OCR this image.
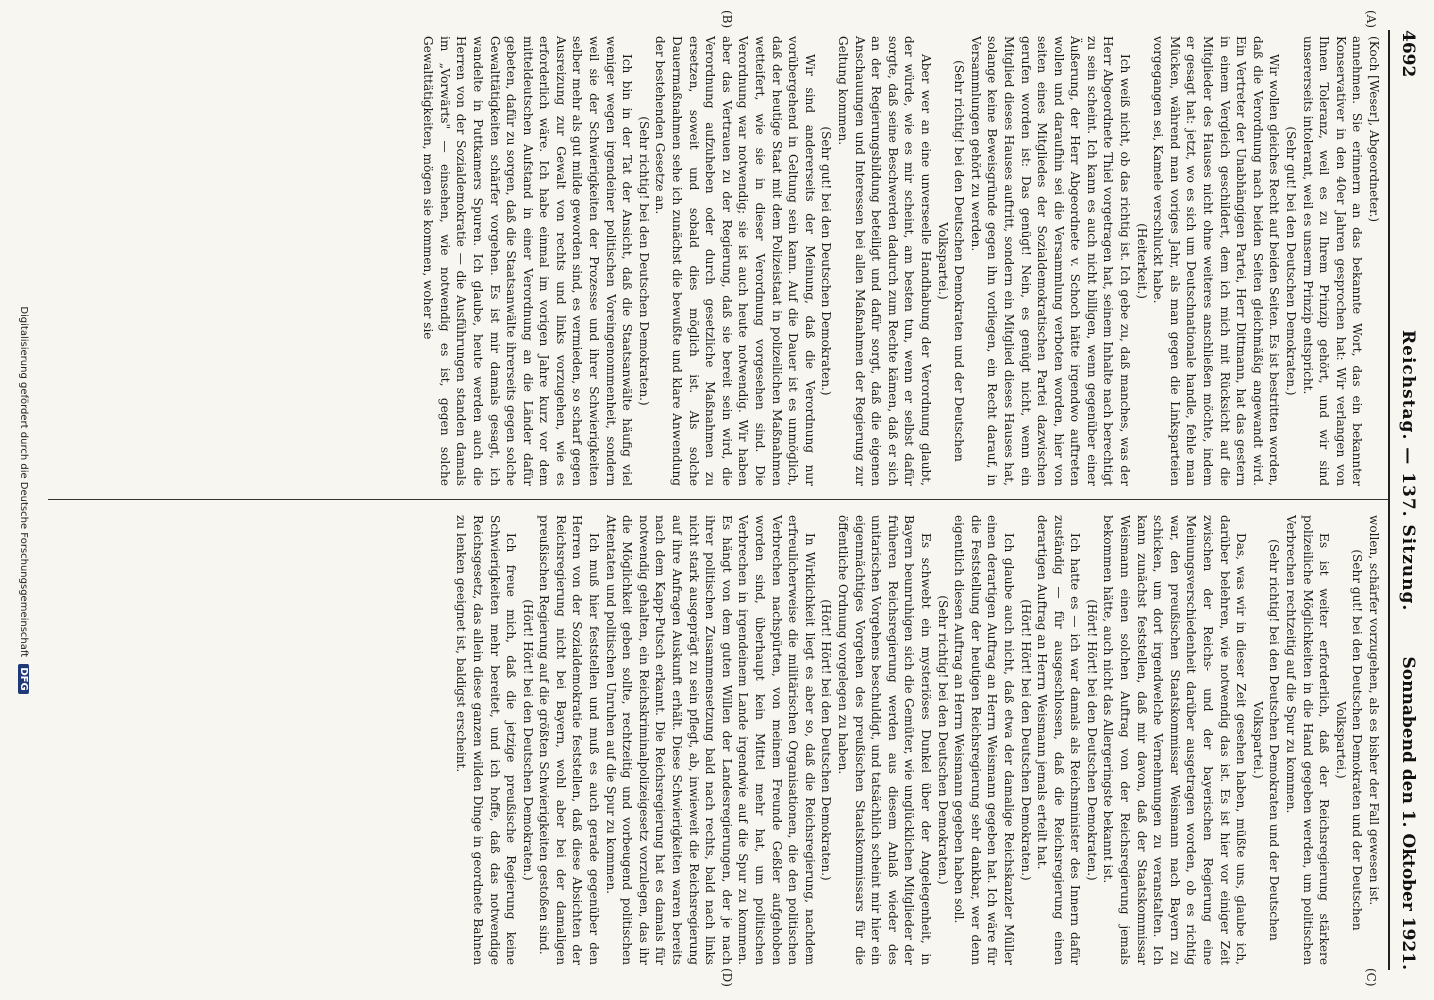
4692
Reichstag. — 137. Sitzung.
Sonnabend den 1. Oktober 1921.
(A)
(B)
(C)
(D)

(Koch [Weser], Abgeordneter.)

annehmen. Sie erinnern an das bekannte Wort, das ein bekannter Konservativer in den 40er Jahren gesprochen hat: Wir verlangen von Ihnen Toleranz, weil es zu Ihrem Prinzip gehört, und wir sind unsererseits intolerant, weil es unserm Prinzip entspricht.

(Sehr gut! bei den Deutschen Demokraten.)

Wir wollen gleiches Recht auf beiden Seiten. Es ist bestritten worden, daß die Verordnung nach beiden Seiten gleichmäßig angewandt wird. Ein Vertreter der Unabhängigen Partei, Herr Dittmann, hat das gestern in einem Vergleich geschildert, dem ich mich mit Rücksicht auf die Mitglieder des Hauses nicht ohne weiteres anschließen möchte, indem er gesagt hat: jetzt, wo es sich um Deutschnationale handle, fehle man Mücken, während man voriges Jahr, als man gegen die Linksparteien vorgegangen sei, Kamele verschluckt habe.

(Heiterkeit.)

Ich weiß nicht, ob das richtig ist. Ich gebe zu, daß manches, was der Herr Abgeordnete Thiel vorgetragen hat, seinem Inhalte nach berechtigt zu sein scheint. Ich kann es auch nicht billigen, wenn gegenüber einer Äußerung, der Herr Abgeordnete v. Schoch hätte irgendwo auftreten wollen und daraufhin sei die Versammlung verboten worden, hier von seiten eines Mitgliedes der Sozialdemokratischen Partei dazwischen gerufen worden ist: Das genügt! Nein, es genügt nicht, wenn ein Mitglied dieses Hauses auftritt, sondern ein Mitglied dieses Hauses hat, solange keine Beweisgründe gegen ihn vorliegen, ein Recht darauf, in Versammlungen gehört zu werden.

(Sehr richtig! bei den Deutschen Demokraten und der Deutschen Volkspartei.)

Aber wer an eine unverseelle Handhabung der Verordnung glaubt, der würde, wie es mir scheint, am besten tun, wenn er selbst dafür sorgte, daß seine Beschwerden dadurch zum Rechte kämen, daß er sich an der Regierungsbildung beteiligt und dafür sorgt, daß die eigenen Anschauungen und Interessen bei allen Maßnahmen der Regierung zur Geltung kommen.

(Sehr gut! bei den Deutschen Demokraten.)

Wir sind andererseits der Meinung, daß die Verordnung nur vorübergehend in Geltung sein kann. Auf die Dauer ist es unmöglich, daß der heutige Staat mit dem Polizeistaat in polizeilichen Maßnahmen wetteifert, wie sie in dieser Verordnung vorgesehen sind. Die Verordnung war notwendig; sie ist auch heute notwendig. Wir haben aber das Vertrauen zu der Regierung, daß sie bereit sein wird, die Verordnung aufzuheben oder durch gesetzliche Maßnahmen zu ersetzen, soweit und sobald dies möglich ist. Als solche Dauermaßnahmen sehe ich zunächst die bewußte und klare Anwendung der bestehenden Gesetze an.

(Sehr richtig! bei den Deutschen Demokraten.)

Ich bin in der Tat der Ansicht, daß die Staatsanwälte häufig viel weniger wegen irgendeiner politischen Voreingenommenheit, sondern weil sie der Schwierigkeiten der Prozesse und ihrer Schwierigkeiten selber mehr als gut milde geworden sind, es vermieden, so scharf gegen Ausreizung zur Gewalt von rechts und links vorzugehen, wie es erforderlich wäre. Ich habe einmal im vorigen Jahre kurz vor dem mitteldeutschen Aufstand in einer Verordnung an die Länder dafür gebeten, dafür zu sorgen, daß die Staatsanwälte ihrerseits gegen solche Gewalttätigkeiten schärfer vorgehen. Es ist mir damals gesagt, ich wandelte in Puttkamers Spuren. Ich glaube, heute werden auch die Herren von der Sozialdemokratie — die Ausführungen standen damals im „Vorwärts" — einsehen, wie notwendig es ist, gegen solche Gewalttätigkeiten, mögen sie kommen, woher sie

wollen, schärfer vorzugehen, als es bisher der Fall gewesen ist.

(Sehr gut! bei den Deutschen Demokraten und der Deutschen Volkspartei.)

Es ist weiter erforderlich, daß der Reichsregierung stärkere polizeiliche Möglichkeiten in die Hand gegeben werden, um politischen Verbrechen rechtzeitig auf die Spur zu kommen.

(Sehr richtig! bei den Deutschen Demokraten und der Deutschen Volkspartei.)

Das, was wir in dieser Zeit gesehen haben, müßte uns, glaube ich, darüber belehren, wie notwendig das ist. Es ist hier vor einiger Zeit zwischen der Reichs- und der bayerischen Regierung eine Meinungsverschiedenheit darüber ausgetragen worden, ob es richtig war, den preußischen Staatskommissar Weismann nach Bayern zu schicken, um dort irgendwelche Vernehmungen zu veranstalten. Ich kann zunächst feststellen, daß mir davon, daß der Staatskommissar Weismann einen solchen Auftrag von der Reichsregierung jemals bekommen hätte, auch nicht das Allergeringste bekannt ist.

(Hört! Hört! bei den Deutschen Demokraten.)

Ich hatte es — ich war damals als Reichsminister des Innern dafür zuständig — für ausgeschlossen, daß die Reichsregierung einen derartigen Auftrag an Herrn Weismann jemals erteilt hat.

(Hört! Hört! bei den Deutschen Demokraten.)

Ich glaube auch nicht, daß etwa der damalige Reichskanzler Müller einen derartigen Auftrag an Herrn Weismann gegeben hat. Ich wäre für die Feststellung der heutigen Reichsregierung sehr dankbar, wer denn eigentlich diesen Auftrag an Herrn Weismann gegeben haben soll.

(Sehr richtig! bei den Deutschen Demokraten.)

Es schwebt ein mysteriöses Dunkel über der Angelegenheit, in Bayern beunruhigen sich die Gemüter, wie unglücklichen Mitglieder der früheren Reichsregierung werden aus diesem Anlaß wieder des unitarischen Vorgehens beschuldigt, und tatsächlich scheint mir hier ein eigenmächtiges Vorgehen des preußischen Staatskommissars für die öffentliche Ordnung vorgelegen zu haben.

(Hört! Hört! bei den Deutschen Demokraten.)

In Wirklichkeit liegt es aber so, daß die Reichsregierung, nachdem erfreulicherweise die militärischen Organisationen, die den politischen Verbrechen nachspürten, von meinem Freunde Geßler aufgehoben worden sind, überhaupt kein Mittel mehr hat, um politischen Verbrechen in irgendeinem Lande irgendwie auf die Spur zu kommen. Es hängt von dem guten Willen der Landesregierungen, der je nach ihrer politischen Zusammensetzung bald nach rechts, bald nach links nicht stark ausgeprägt zu sein pflegt, ab, inwieweit die Reichsregierung auf ihre Anfragen Auskunft erhält. Diese Schwierigkeiten waren bereits nach dem Kapp-Putsch erkannt. Die Reichsregierung hat es damals für notwendig gehalten, ein Reichskriminalpolizeigesetz vorzulegen, das ihr die Möglichkeit geben sollte, rechtzeitig und vorbeugend politischen Attentaten und politischen Unruhen auf die Spur zu kommen.

Ich muß hier feststellen und muß es auch gerade gegenüber den Herren von der Sozialdemokratie feststellen, daß diese Absichten der Reichsregierung nicht bei Bayern, wohl aber bei der damaligen preußischen Regierung auf die größten Schwierigkeiten gestoßen sind.

(Hört! Hört! bei den Deutschen Demokraten.)

Ich freue mich, daß die jetzige preußische Regierung keine Schwierigkeiten mehr bereitet, und ich hoffe, daß das notwendige Reichsgesetz, das allein diese ganzen wilden Dinge in geordnete Bahnen zu lenken geeignet ist, baldigst erscheint.

Digitalisierung gefördert durch die Deutsche Forschungsgemeinschaft DFG
